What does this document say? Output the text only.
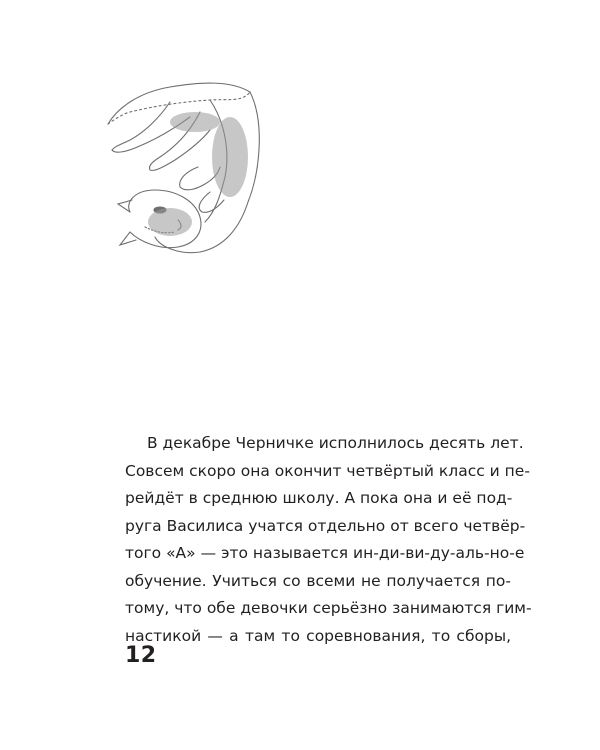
В декабре Черничке исполнилось десять лет.
Совсем скоро она окончит четвёртый класс и пе-
рейдёт в среднюю школу. А пока она и её под-
руга Василиса учатся отдельно от всего четвёр-
того «А» — это называется ин-ди-ви-ду-аль-но-е
обучение. Учиться со всеми не получается по-
тому, что обе девочки серьёзно занимаются гим-
настикой — а там то соревнования, то сборы,
12
